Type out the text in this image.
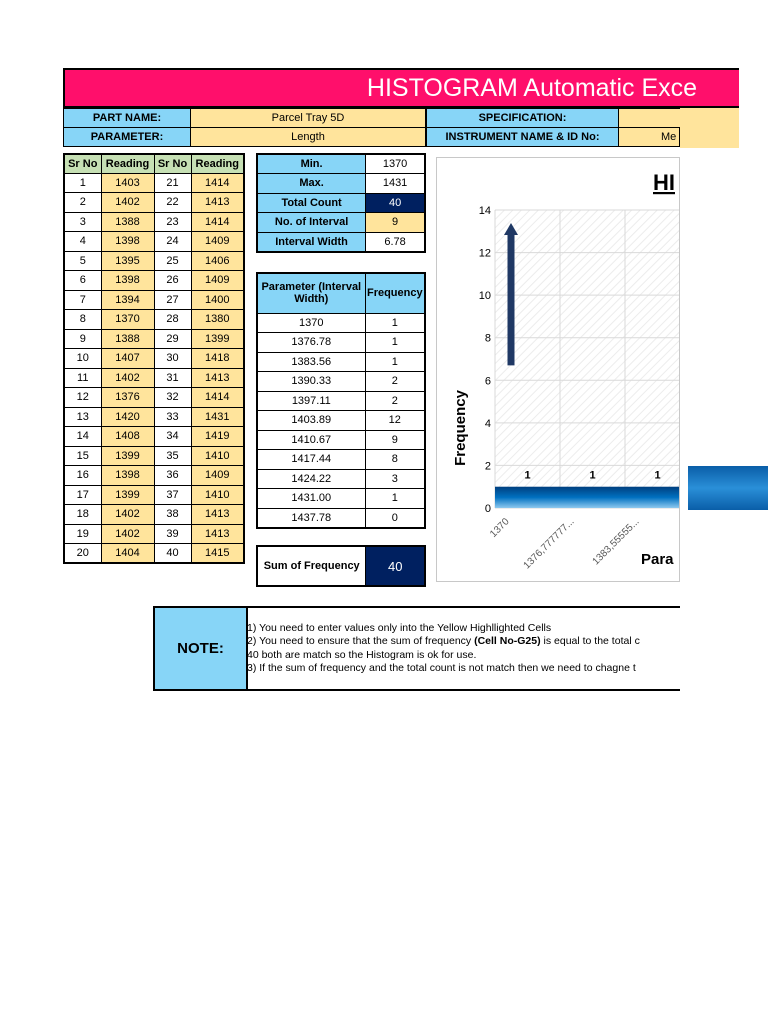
HISTOGRAM Automatic Exce
PART NAME:	Parcel Tray 5D	SPECIFICATION:
PARAMETER:	Length	INSTRUMENT NAME & ID No:	Me
Sr No	Reading	Sr No	Reading
1	1403	21	1414
2	1402	22	1413
3	1388	23	1414
4	1398	24	1409
5	1395	25	1406
6	1398	26	1409
7	1394	27	1400
8	1370	28	1380
9	1388	29	1399
10	1407	30	1418
11	1402	31	1413
12	1376	32	1414
13	1420	33	1431
14	1408	34	1419
15	1399	35	1410
16	1398	36	1409
17	1399	37	1410
18	1402	38	1413
19	1402	39	1413
20	1404	40	1415
Min.	1370
Max.	1431
Total Count	40
No. of Interval	9
Interval Width	6.78
Parameter (Interval Width)	Frequency
1370	1
1376.78	1
1383.56	1
1390.33	2
1397.11	2
1403.89	12
1410.67	9
1417.44	8
1424.22	3
1431.00	1
1437.78	0
Sum of Frequency	40
0
2
4
6
8
10
12
14
1
1370
1
1376,777777...
1
1383,55555...
HI
Frequency
Para
NOTE:
1) You need to enter values only into the Yellow Highllighted Cells
2) You need to ensure that the sum of frequency (Cell No-G25) is equal to the total c
40 both are match so the Histogram is ok for use.
3) If the sum of frequency and the total count is not match then we need to chagne t
